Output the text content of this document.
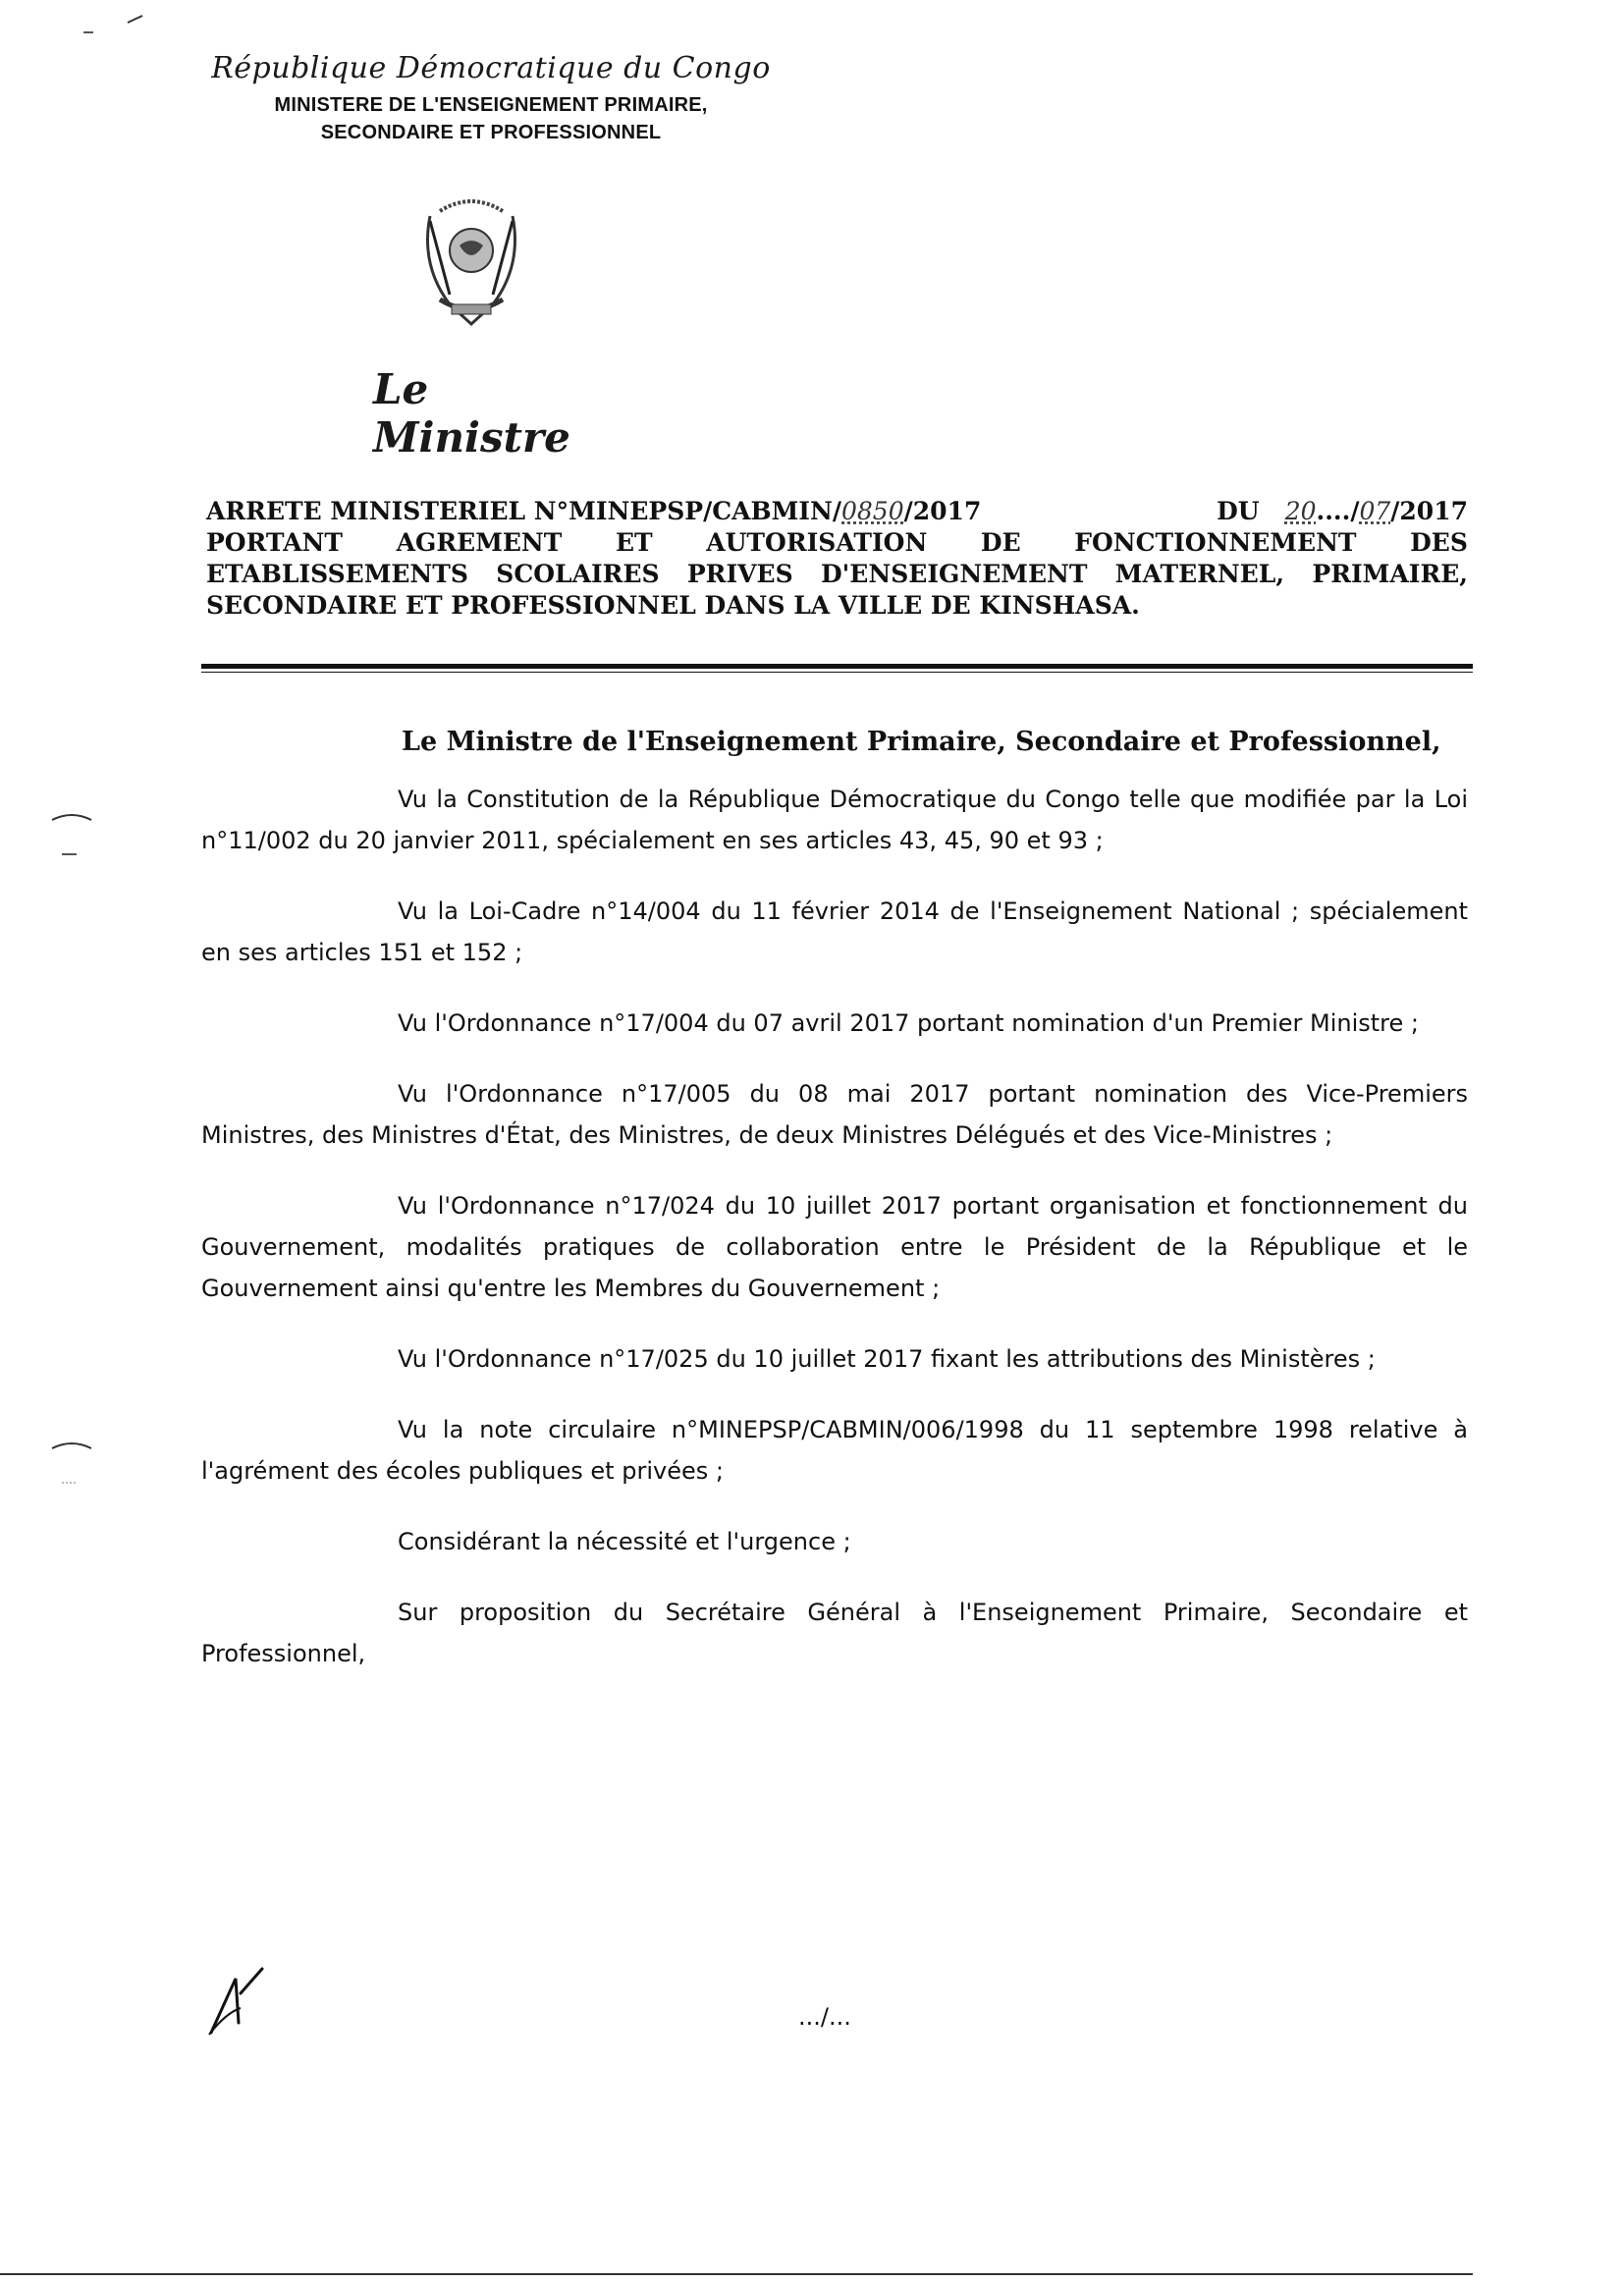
République Démocratique du Congo
MINISTERE DE L'ENSEIGNEMENT PRIMAIRE,
SECONDAIRE ET PROFESSIONNEL
Le Ministre
ARRETE MINISTERIEL N°MINEPSP/CABMIN/0850/2017	DU 20..../07/2017
PORTANT AGREMENT ET AUTORISATION DE FONCTIONNEMENT DES
ETABLISSEMENTS SCOLAIRES PRIVES D'ENSEIGNEMENT MATERNEL, PRIMAIRE,
SECONDAIRE ET PROFESSIONNEL DANS LA VILLE DE KINSHASA.

Le Ministre de l'Enseignement Primaire, Secondaire et Professionnel,

Vu la Constitution de la République Démocratique du Congo telle que modifiée par la Loi n°11/002 du 20 janvier 2011, spécialement en ses articles 43, 45, 90 et 93 ;

Vu la Loi-Cadre n°14/004 du 11 février 2014 de l'Enseignement National ; spécialement en ses articles 151 et 152 ;

Vu l'Ordonnance n°17/004 du 07 avril 2017 portant nomination d'un Premier Ministre ;

Vu l'Ordonnance n°17/005 du 08 mai 2017 portant nomination des Vice-Premiers Ministres, des Ministres d'État, des Ministres, de deux Ministres Délégués et des Vice-Ministres ;

Vu l'Ordonnance n°17/024 du 10 juillet 2017 portant organisation et fonctionnement du Gouvernement, modalités pratiques de collaboration entre le Président de la République et le Gouvernement ainsi qu'entre les Membres du Gouvernement ;

Vu l'Ordonnance n°17/025 du 10 juillet 2017 fixant les attributions des Ministères ;

Vu la note circulaire n°MINEPSP/CABMIN/006/1998 du 11 septembre 1998 relative à l'agrément des écoles publiques et privées ;

Considérant la nécessité et l'urgence ;

Sur proposition du Secrétaire Général à l'Enseignement Primaire, Secondaire et Professionnel,

.../...
